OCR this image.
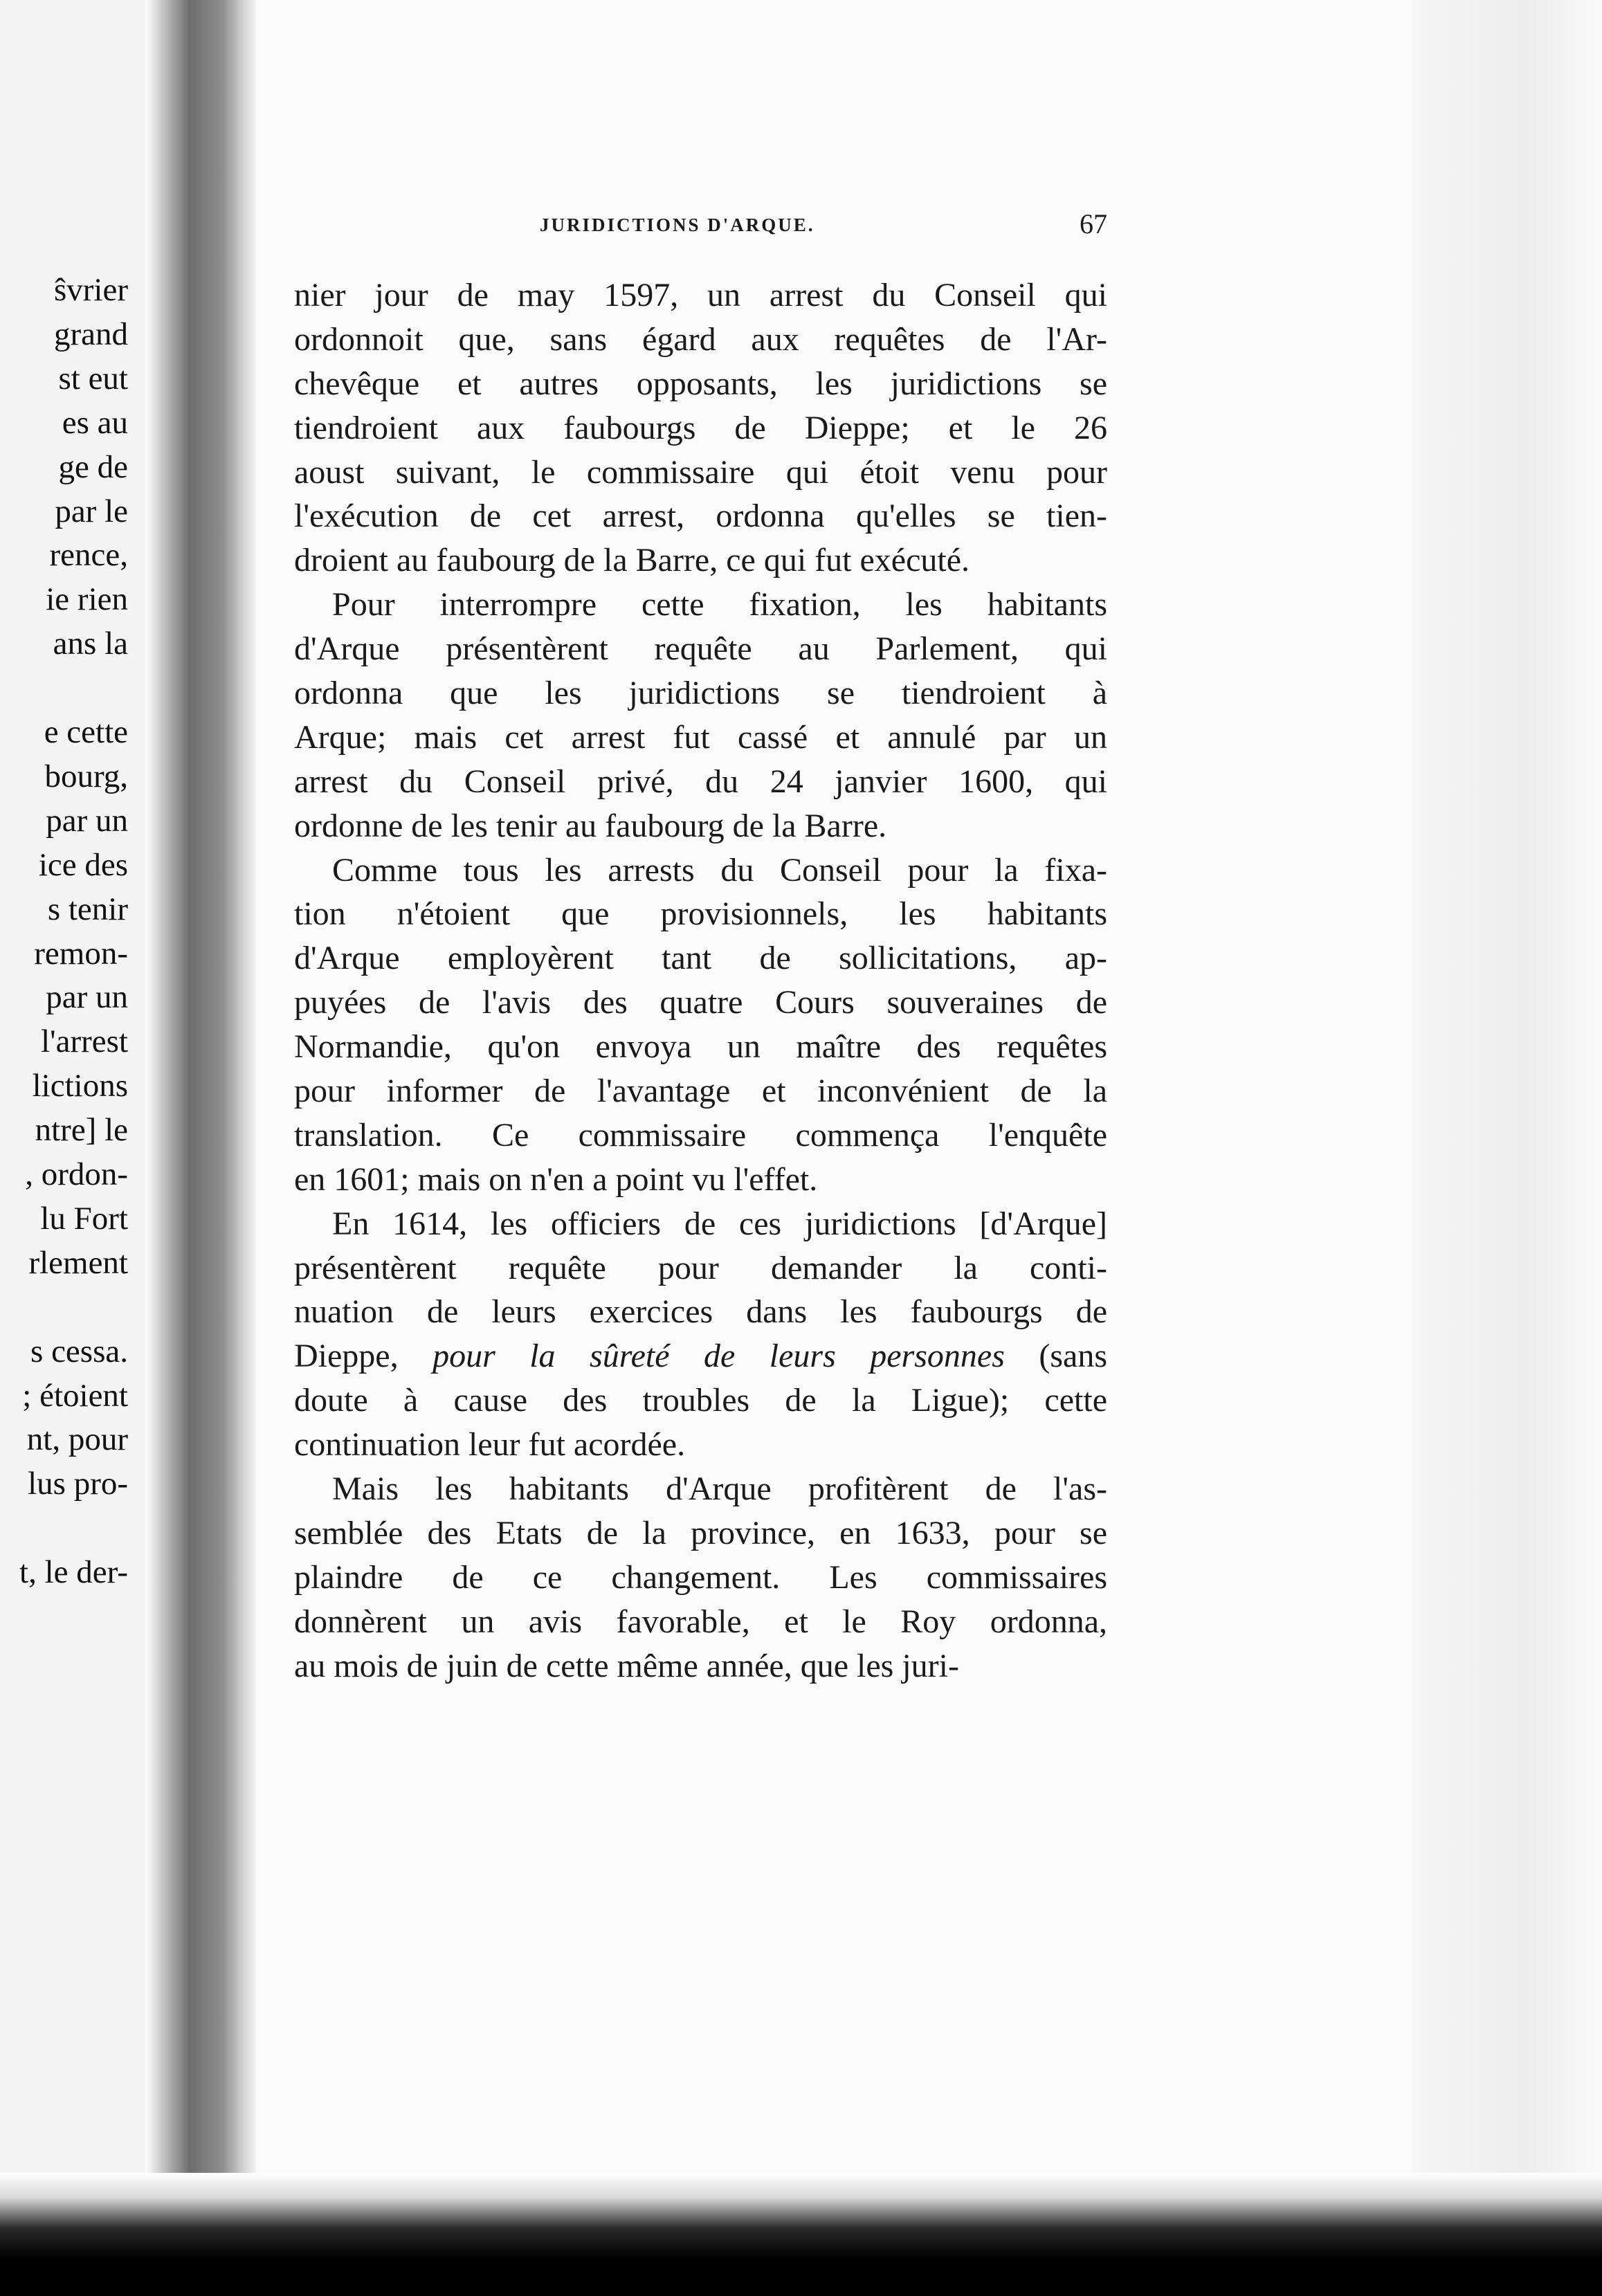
ŝvrier
grand
st eut
es au
ge de
par le
rence,
ie rien
ans la
e cette
bourg,
par un
ice des
s tenir
remon-
par un
l'arrest
lictions
ntre] le
, ordon-
lu Fort
rlement
s cessa.
; étoient
nt, pour
lus pro-
t, le der-
JURIDICTIONS D'ARQUE.	67
nier jour de may 1597, un arrest du Conseil qui
ordonnoit que, sans égard aux requêtes de l'Ar-
chevêque et autres opposants, les juridictions se
tiendroient aux faubourgs de Dieppe; et le 26
aoust suivant, le commissaire qui étoit venu pour
l'exécution de cet arrest, ordonna qu'elles se tien-
droient au faubourg de la Barre, ce qui fut exécuté.
Pour interrompre cette fixation, les habitants
d'Arque présentèrent requête au Parlement, qui
ordonna que les juridictions se tiendroient à
Arque; mais cet arrest fut cassé et annulé par un
arrest du Conseil privé, du 24 janvier 1600, qui
ordonne de les tenir au faubourg de la Barre.
Comme tous les arrests du Conseil pour la fixa-
tion n'étoient que provisionnels, les habitants
d'Arque employèrent tant de sollicitations, ap-
puyées de l'avis des quatre Cours souveraines de
Normandie, qu'on envoya un maître des requêtes
pour informer de l'avantage et inconvénient de la
translation. Ce commissaire commença l'enquête
en 1601; mais on n'en a point vu l'effet.
En 1614, les officiers de ces juridictions [d'Arque]
présentèrent requête pour demander la conti-
nuation de leurs exercices dans les faubourgs de
Dieppe, pour la sûreté de leurs personnes (sans
doute à cause des troubles de la Ligue); cette
continuation leur fut acordée.
Mais les habitants d'Arque profitèrent de l'as-
semblée des Etats de la province, en 1633, pour se
plaindre de ce changement. Les commissaires
donnèrent un avis favorable, et le Roy ordonna,
au mois de juin de cette même année, que les juri-
